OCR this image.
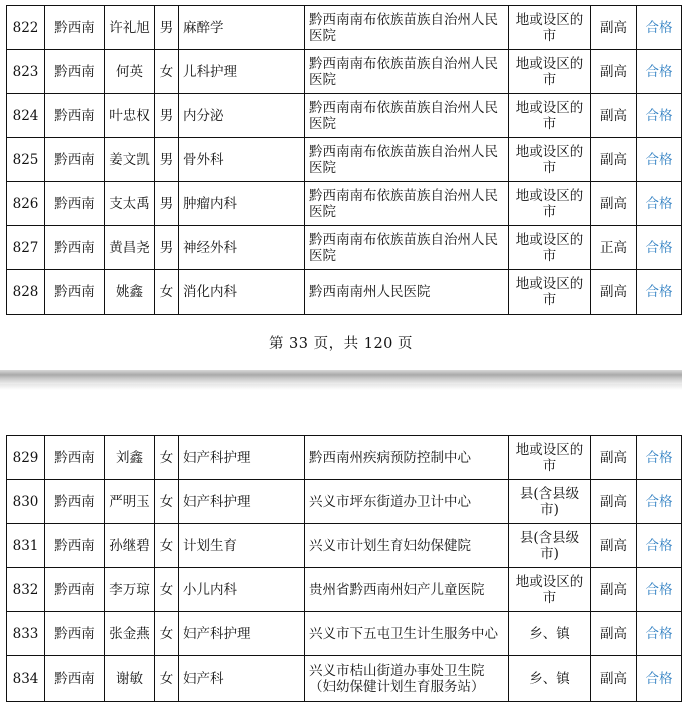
822	黔西南	许礼旭	男	麻醉学	黔西南南布依族苗族自治州人民医院	地或设区的市	副高	合格
823	黔西南	何英	女	儿科护理	黔西南南布依族苗族自治州人民医院	地或设区的市	副高	合格
824	黔西南	叶忠权	男	内分泌	黔西南南布依族苗族自治州人民医院	地或设区的市	副高	合格
825	黔西南	姜文凯	男	骨外科	黔西南南布依族苗族自治州人民医院	地或设区的市	副高	合格
826	黔西南	支太禹	男	肿瘤内科	黔西南南布依族苗族自治州人民医院	地或设区的市	副高	合格
827	黔西南	黄昌尧	男	神经外科	黔西南南布依族苗族自治州人民医院	地或设区的市	正高	合格
828	黔西南	姚鑫	女	消化内科	黔西南南州人民医院	地或设区的市	副高	合格
第 33 页，共 120 页
829	黔西南	刘鑫	女	妇产科护理	黔西南州疾病预防控制中心	地或设区的市	副高	合格
830	黔西南	严明玉	女	妇产科护理	兴义市坪东街道办卫计中心	县(含县级市)	副高	合格
831	黔西南	孙继碧	女	计划生育	兴义市计划生育妇幼保健院	县(含县级市)	副高	合格
832	黔西南	李万琼	女	小儿内科	贵州省黔西南州妇产儿童医院	地或设区的市	副高	合格
833	黔西南	张金燕	女	妇产科护理	兴义市下五屯卫生计生服务中心	乡、镇	副高	合格
834	黔西南	谢敏	女	妇产科	兴义市桔山街道办事处卫生院（妇幼保健计划生育服务站）	乡、镇	副高	合格
